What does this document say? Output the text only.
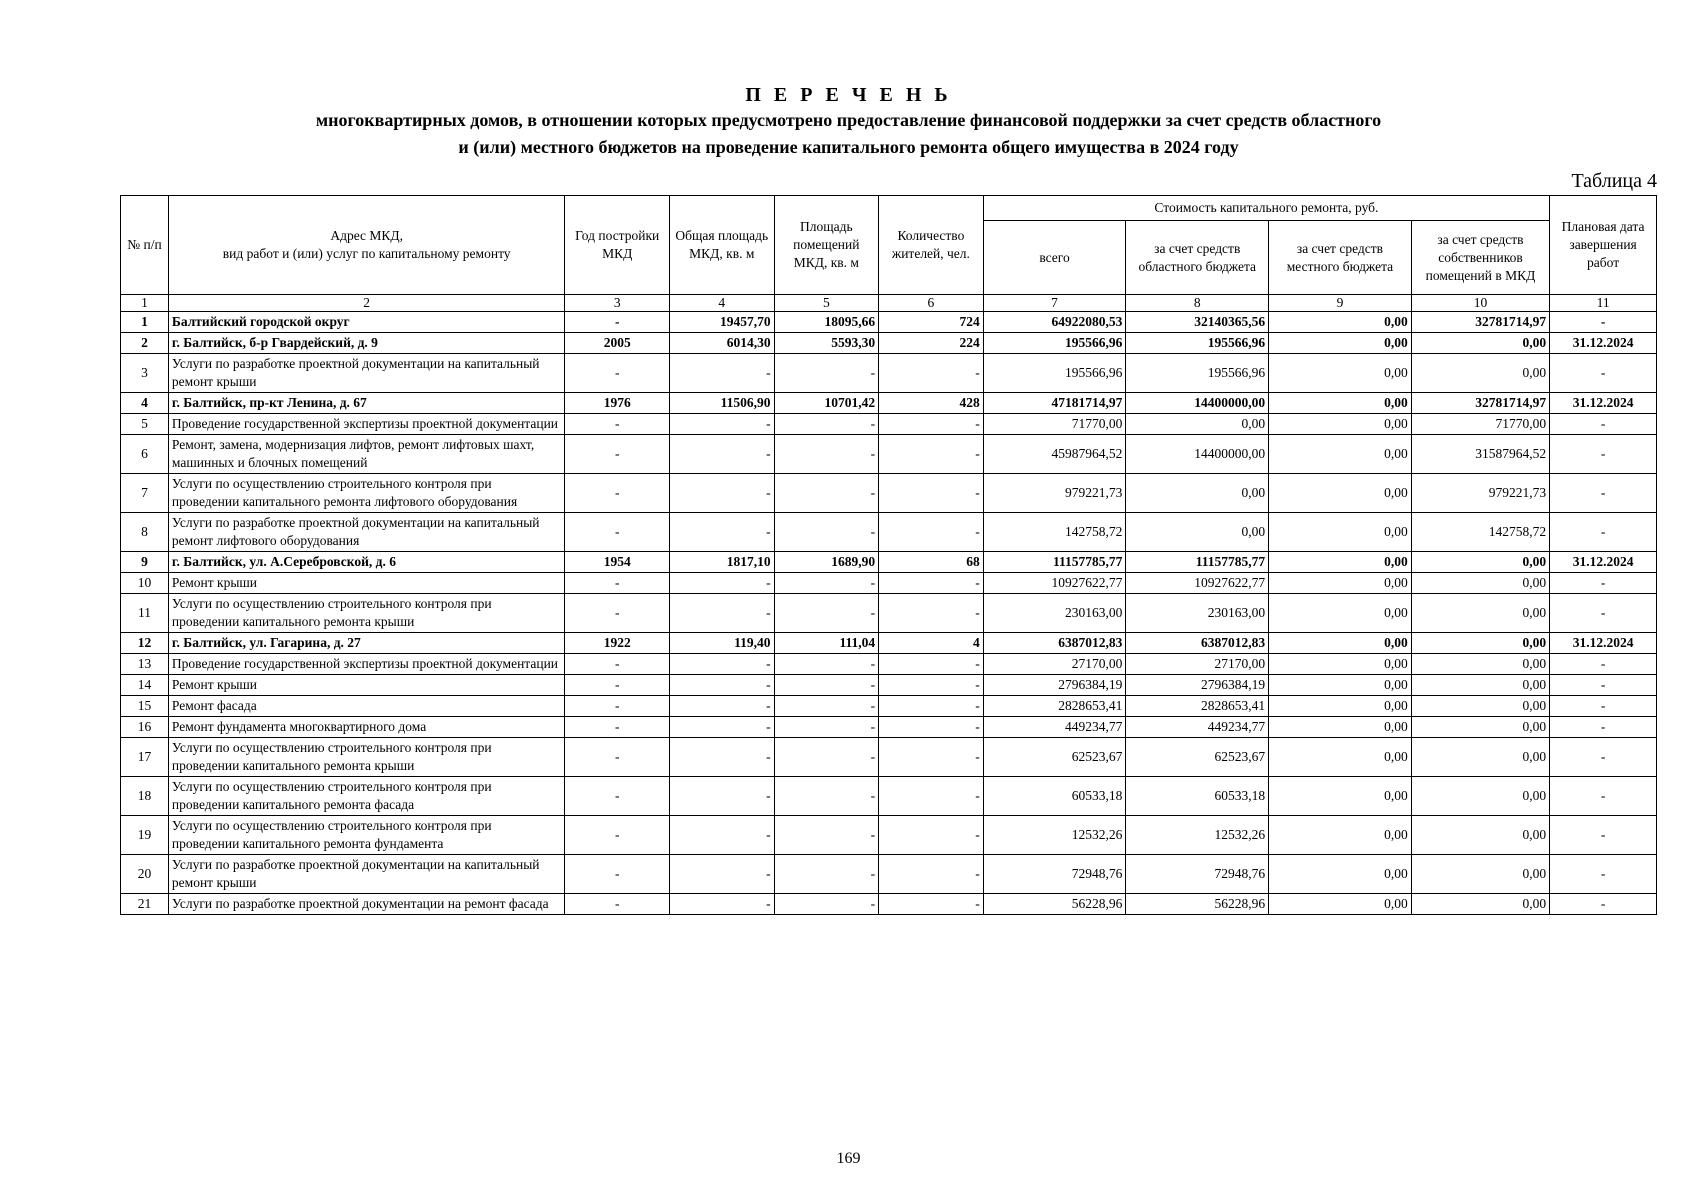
П Е Р Е Ч Е Н Ь
многоквартирных домов, в отношении которых предусмотрено предоставление финансовой поддержки за счет средств областного
и (или) местного бюджетов на проведение капитального ремонта общего имущества в 2024 году
Таблица 4
№ п/п	Адрес МКД,
вид работ и (или) услуг по капитальному ремонту	Год постройки МКД	Общая площадь МКД, кв. м	Площадь помещений МКД, кв. м	Количество жителей, чел.	Стоимость капитального ремонта, руб.				Плановая дата завершения работ
						всего	за счет средств областного бюджета	за счет средств местного бюджета	за счет средств собственников помещений в МКД	
1	2	3	4	5	6	7	8	9	10	11
1	Балтийский городской округ	-	19457,70	18095,66	724	64922080,53	32140365,56	0,00	32781714,97	-
2	г. Балтийск, б-р Гвардейский, д. 9	2005	6014,30	5593,30	224	195566,96	195566,96	0,00	0,00	31.12.2024
3	Услуги по разработке проектной документации на капитальный ремонт крыши	-	-	-	-	195566,96	195566,96	0,00	0,00	-
4	г. Балтийск, пр-кт Ленина, д. 67	1976	11506,90	10701,42	428	47181714,97	14400000,00	0,00	32781714,97	31.12.2024
5	Проведение государственной экспертизы проектной документации	-	-	-	-	71770,00	0,00	0,00	71770,00	-
6	Ремонт, замена, модернизация лифтов, ремонт лифтовых шахт, машинных и блочных помещений	-	-	-	-	45987964,52	14400000,00	0,00	31587964,52	-
7	Услуги по осуществлению строительного контроля при проведении капитального ремонта лифтового оборудования	-	-	-	-	979221,73	0,00	0,00	979221,73	-
8	Услуги по разработке проектной документации на капитальный ремонт лифтового оборудования	-	-	-	-	142758,72	0,00	0,00	142758,72	-
9	г. Балтийск, ул. А.Серебровской, д. 6	1954	1817,10	1689,90	68	11157785,77	11157785,77	0,00	0,00	31.12.2024
10	Ремонт крыши	-	-	-	-	10927622,77	10927622,77	0,00	0,00	-
11	Услуги по осуществлению строительного контроля при проведении капитального ремонта крыши	-	-	-	-	230163,00	230163,00	0,00	0,00	-
12	г. Балтийск, ул. Гагарина, д. 27	1922	119,40	111,04	4	6387012,83	6387012,83	0,00	0,00	31.12.2024
13	Проведение государственной экспертизы проектной документации	-	-	-	-	27170,00	27170,00	0,00	0,00	-
14	Ремонт крыши	-	-	-	-	2796384,19	2796384,19	0,00	0,00	-
15	Ремонт фасада	-	-	-	-	2828653,41	2828653,41	0,00	0,00	-
16	Ремонт фундамента многоквартирного дома	-	-	-	-	449234,77	449234,77	0,00	0,00	-
17	Услуги по осуществлению строительного контроля при проведении капитального ремонта крыши	-	-	-	-	62523,67	62523,67	0,00	0,00	-
18	Услуги по осуществлению строительного контроля при проведении капитального ремонта фасада	-	-	-	-	60533,18	60533,18	0,00	0,00	-
19	Услуги по осуществлению строительного контроля при проведении капитального ремонта фундамента	-	-	-	-	12532,26	12532,26	0,00	0,00	-
20	Услуги по разработке проектной документации на капитальный ремонт крыши	-	-	-	-	72948,76	72948,76	0,00	0,00	-
21	Услуги по разработке проектной документации на ремонт фасада	-	-	-	-	56228,96	56228,96	0,00	0,00	-
169
